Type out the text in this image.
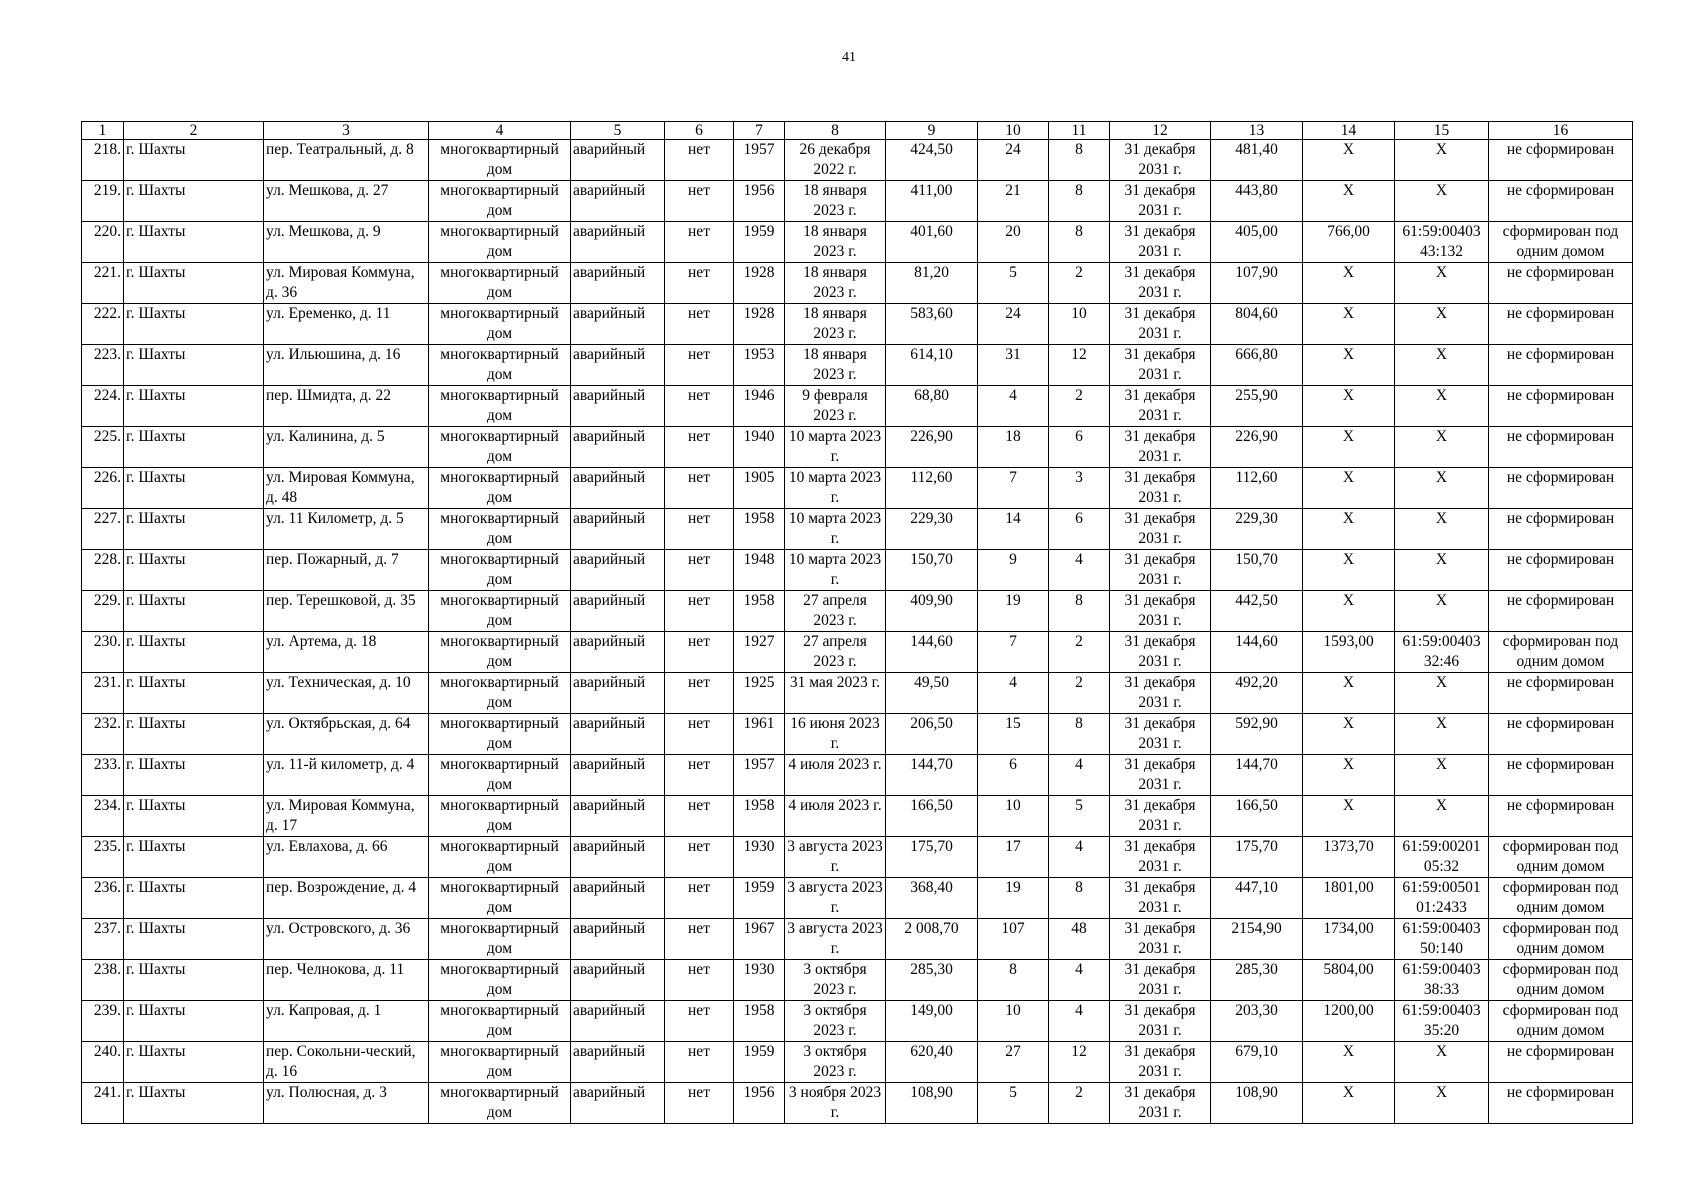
41
1	2	3	4	5	6	7	8	9	10	11	12	13	14	15	16
218.	г. Шахты	пер. Театральный, д. 8	многоквартирный дом	аварийный	нет	1957	26 декабря 2022 г.	424,50	24	8	31 декабря 2031 г.	481,40	X	X	не сформирован
219.	г. Шахты	ул. Мешкова, д. 27	многоквартирный дом	аварийный	нет	1956	18 января 2023 г.	411,00	21	8	31 декабря 2031 г.	443,80	X	X	не сформирован
220.	г. Шахты	ул. Мешкова, д. 9	многоквартирный дом	аварийный	нет	1959	18 января 2023 г.	401,60	20	8	31 декабря 2031 г.	405,00	766,00	61:59:00403 43:132	сформирован под одним домом
221.	г. Шахты	ул. Мировая Коммуна, д. 36	многоквартирный дом	аварийный	нет	1928	18 января 2023 г.	81,20	5	2	31 декабря 2031 г.	107,90	X	X	не сформирован
222.	г. Шахты	ул. Еременко, д. 11	многоквартирный дом	аварийный	нет	1928	18 января 2023 г.	583,60	24	10	31 декабря 2031 г.	804,60	X	X	не сформирован
223.	г. Шахты	ул. Ильюшина, д. 16	многоквартирный дом	аварийный	нет	1953	18 января 2023 г.	614,10	31	12	31 декабря 2031 г.	666,80	X	X	не сформирован
224.	г. Шахты	пер. Шмидта, д. 22	многоквартирный дом	аварийный	нет	1946	9 февраля 2023 г.	68,80	4	2	31 декабря 2031 г.	255,90	X	X	не сформирован
225.	г. Шахты	ул. Калинина, д. 5	многоквартирный дом	аварийный	нет	1940	10 марта 2023 г.	226,90	18	6	31 декабря 2031 г.	226,90	X	X	не сформирован
226.	г. Шахты	ул. Мировая Коммуна, д. 48	многоквартирный дом	аварийный	нет	1905	10 марта 2023 г.	112,60	7	3	31 декабря 2031 г.	112,60	X	X	не сформирован
227.	г. Шахты	ул. 11 Километр, д. 5	многоквартирный дом	аварийный	нет	1958	10 марта 2023 г.	229,30	14	6	31 декабря 2031 г.	229,30	X	X	не сформирован
228.	г. Шахты	пер. Пожарный, д. 7	многоквартирный дом	аварийный	нет	1948	10 марта 2023 г.	150,70	9	4	31 декабря 2031 г.	150,70	X	X	не сформирован
229.	г. Шахты	пер. Терешковой, д. 35	многоквартирный дом	аварийный	нет	1958	27 апреля 2023 г.	409,90	19	8	31 декабря 2031 г.	442,50	X	X	не сформирован
230.	г. Шахты	ул. Артема, д. 18	многоквартирный дом	аварийный	нет	1927	27 апреля 2023 г.	144,60	7	2	31 декабря 2031 г.	144,60	1593,00	61:59:00403 32:46	сформирован под одним домом
231.	г. Шахты	ул. Техническая, д. 10	многоквартирный дом	аварийный	нет	1925	31 мая 2023 г.	49,50	4	2	31 декабря 2031 г.	492,20	X	X	не сформирован
232.	г. Шахты	ул. Октябрьская, д. 64	многоквартирный дом	аварийный	нет	1961	16 июня 2023 г.	206,50	15	8	31 декабря 2031 г.	592,90	X	X	не сформирован
233.	г. Шахты	ул. 11-й километр, д. 4	многоквартирный дом	аварийный	нет	1957	4 июля 2023 г.	144,70	6	4	31 декабря 2031 г.	144,70	X	X	не сформирован
234.	г. Шахты	ул. Мировая Коммуна, д. 17	многоквартирный дом	аварийный	нет	1958	4 июля 2023 г.	166,50	10	5	31 декабря 2031 г.	166,50	X	X	не сформирован
235.	г. Шахты	ул. Евлахова, д. 66	многоквартирный дом	аварийный	нет	1930	3 августа 2023 г.	175,70	17	4	31 декабря 2031 г.	175,70	1373,70	61:59:00201 05:32	сформирован под одним домом
236.	г. Шахты	пер. Возрождение, д. 4	многоквартирный дом	аварийный	нет	1959	3 августа 2023 г.	368,40	19	8	31 декабря 2031 г.	447,10	1801,00	61:59:00501 01:2433	сформирован под одним домом
237.	г. Шахты	ул. Островского, д. 36	многоквартирный дом	аварийный	нет	1967	3 августа 2023 г.	2 008,70	107	48	31 декабря 2031 г.	2154,90	1734,00	61:59:00403 50:140	сформирован под одним домом
238.	г. Шахты	пер. Челнокова, д. 11	многоквартирный дом	аварийный	нет	1930	3 октября 2023 г.	285,30	8	4	31 декабря 2031 г.	285,30	5804,00	61:59:00403 38:33	сформирован под одним домом
239.	г. Шахты	ул. Капровая, д. 1	многоквартирный дом	аварийный	нет	1958	3 октября 2023 г.	149,00	10	4	31 декабря 2031 г.	203,30	1200,00	61:59:00403 35:20	сформирован под одним домом
240.	г. Шахты	пер. Сокольни-ческий, д. 16	многоквартирный дом	аварийный	нет	1959	3 октября 2023 г.	620,40	27	12	31 декабря 2031 г.	679,10	X	X	не сформирован
241.	г. Шахты	ул. Полюсная, д. 3	многоквартирный дом	аварийный	нет	1956	3 ноября 2023 г.	108,90	5	2	31 декабря 2031 г.	108,90	X	X	не сформирован
